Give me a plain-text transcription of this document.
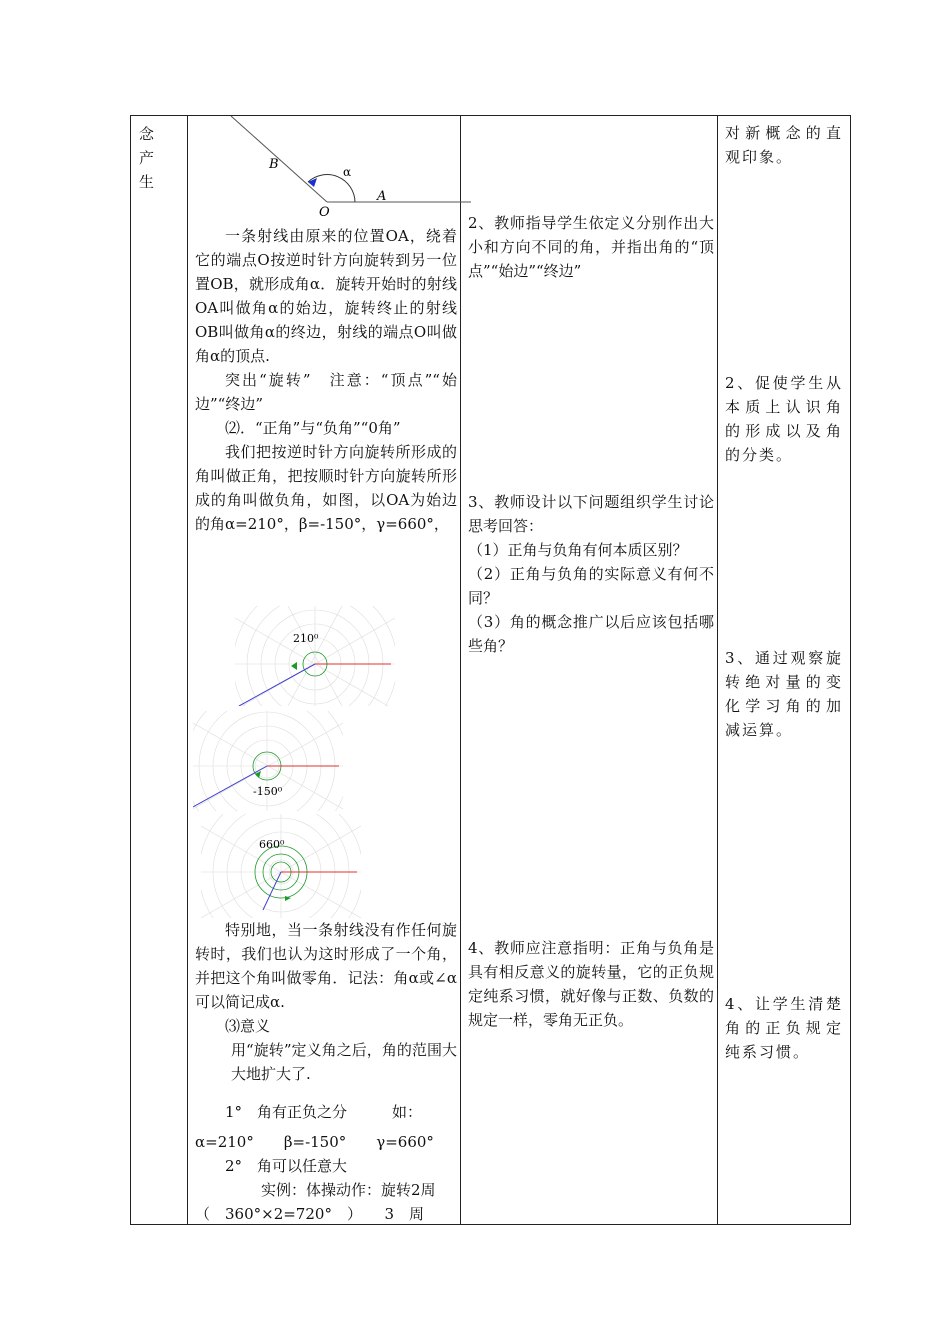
念

产

生

B	α
A
O

一条射线由原来的位置OA，绕着它的端点O按逆时针方向旋转到另一位置OB，就形成角α．旋转开始时的射线OA叫做角α的始边，旋转终止的射线OB叫做角α的终边，射线的端点O叫做角α的顶点.

突出“旋转”　注意：“顶点”“始边”“终边”

⑵．“正角”与“负角”“0角”

我们把按逆时针方向旋转所形成的角叫做正角，把按顺时针方向旋转所形成的角叫做负角，如图，以OA为始边的角α=210°，β=-150°，γ=660°，

210⁰
-150⁰
660⁰

特别地，当一条射线没有作任何旋转时，我们也认为这时形成了一个角，并把这个角叫做零角．记法：角α或∠α　可以简记成α.

⑶意义

用“旋转”定义角之后，角的范围大大地扩大了.

1°　角有正负之分　　　如：

α=210°　　β=-150°　　γ=660°

2°　角可以任意大

实例：体操动作：旋转2周

（　360°×2=720°　）　　3　周

2、教师指导学生依定义分别作出大小和方向不同的角，并指出角的“顶点”“始边”“终边”

3、教师设计以下问题组织学生讨论思考回答：

（1）正角与负角有何本质区别？

（2）正角与负角的实际意义有何不同？

（3）角的概念推广以后应该包括哪些角？

4、教师应注意指明：正角与负角是具有相反意义的旋转量，它的正负规定纯系习惯，就好像与正数、负数的规定一样，零角无正负。

对新概念的直观印象。

2、促使学生从本质上认识角的形成以及角的分类。

3、通过观察旋转绝对量的变化学习角的加减运算。

4、让学生清楚角的正负规定纯系习惯。
